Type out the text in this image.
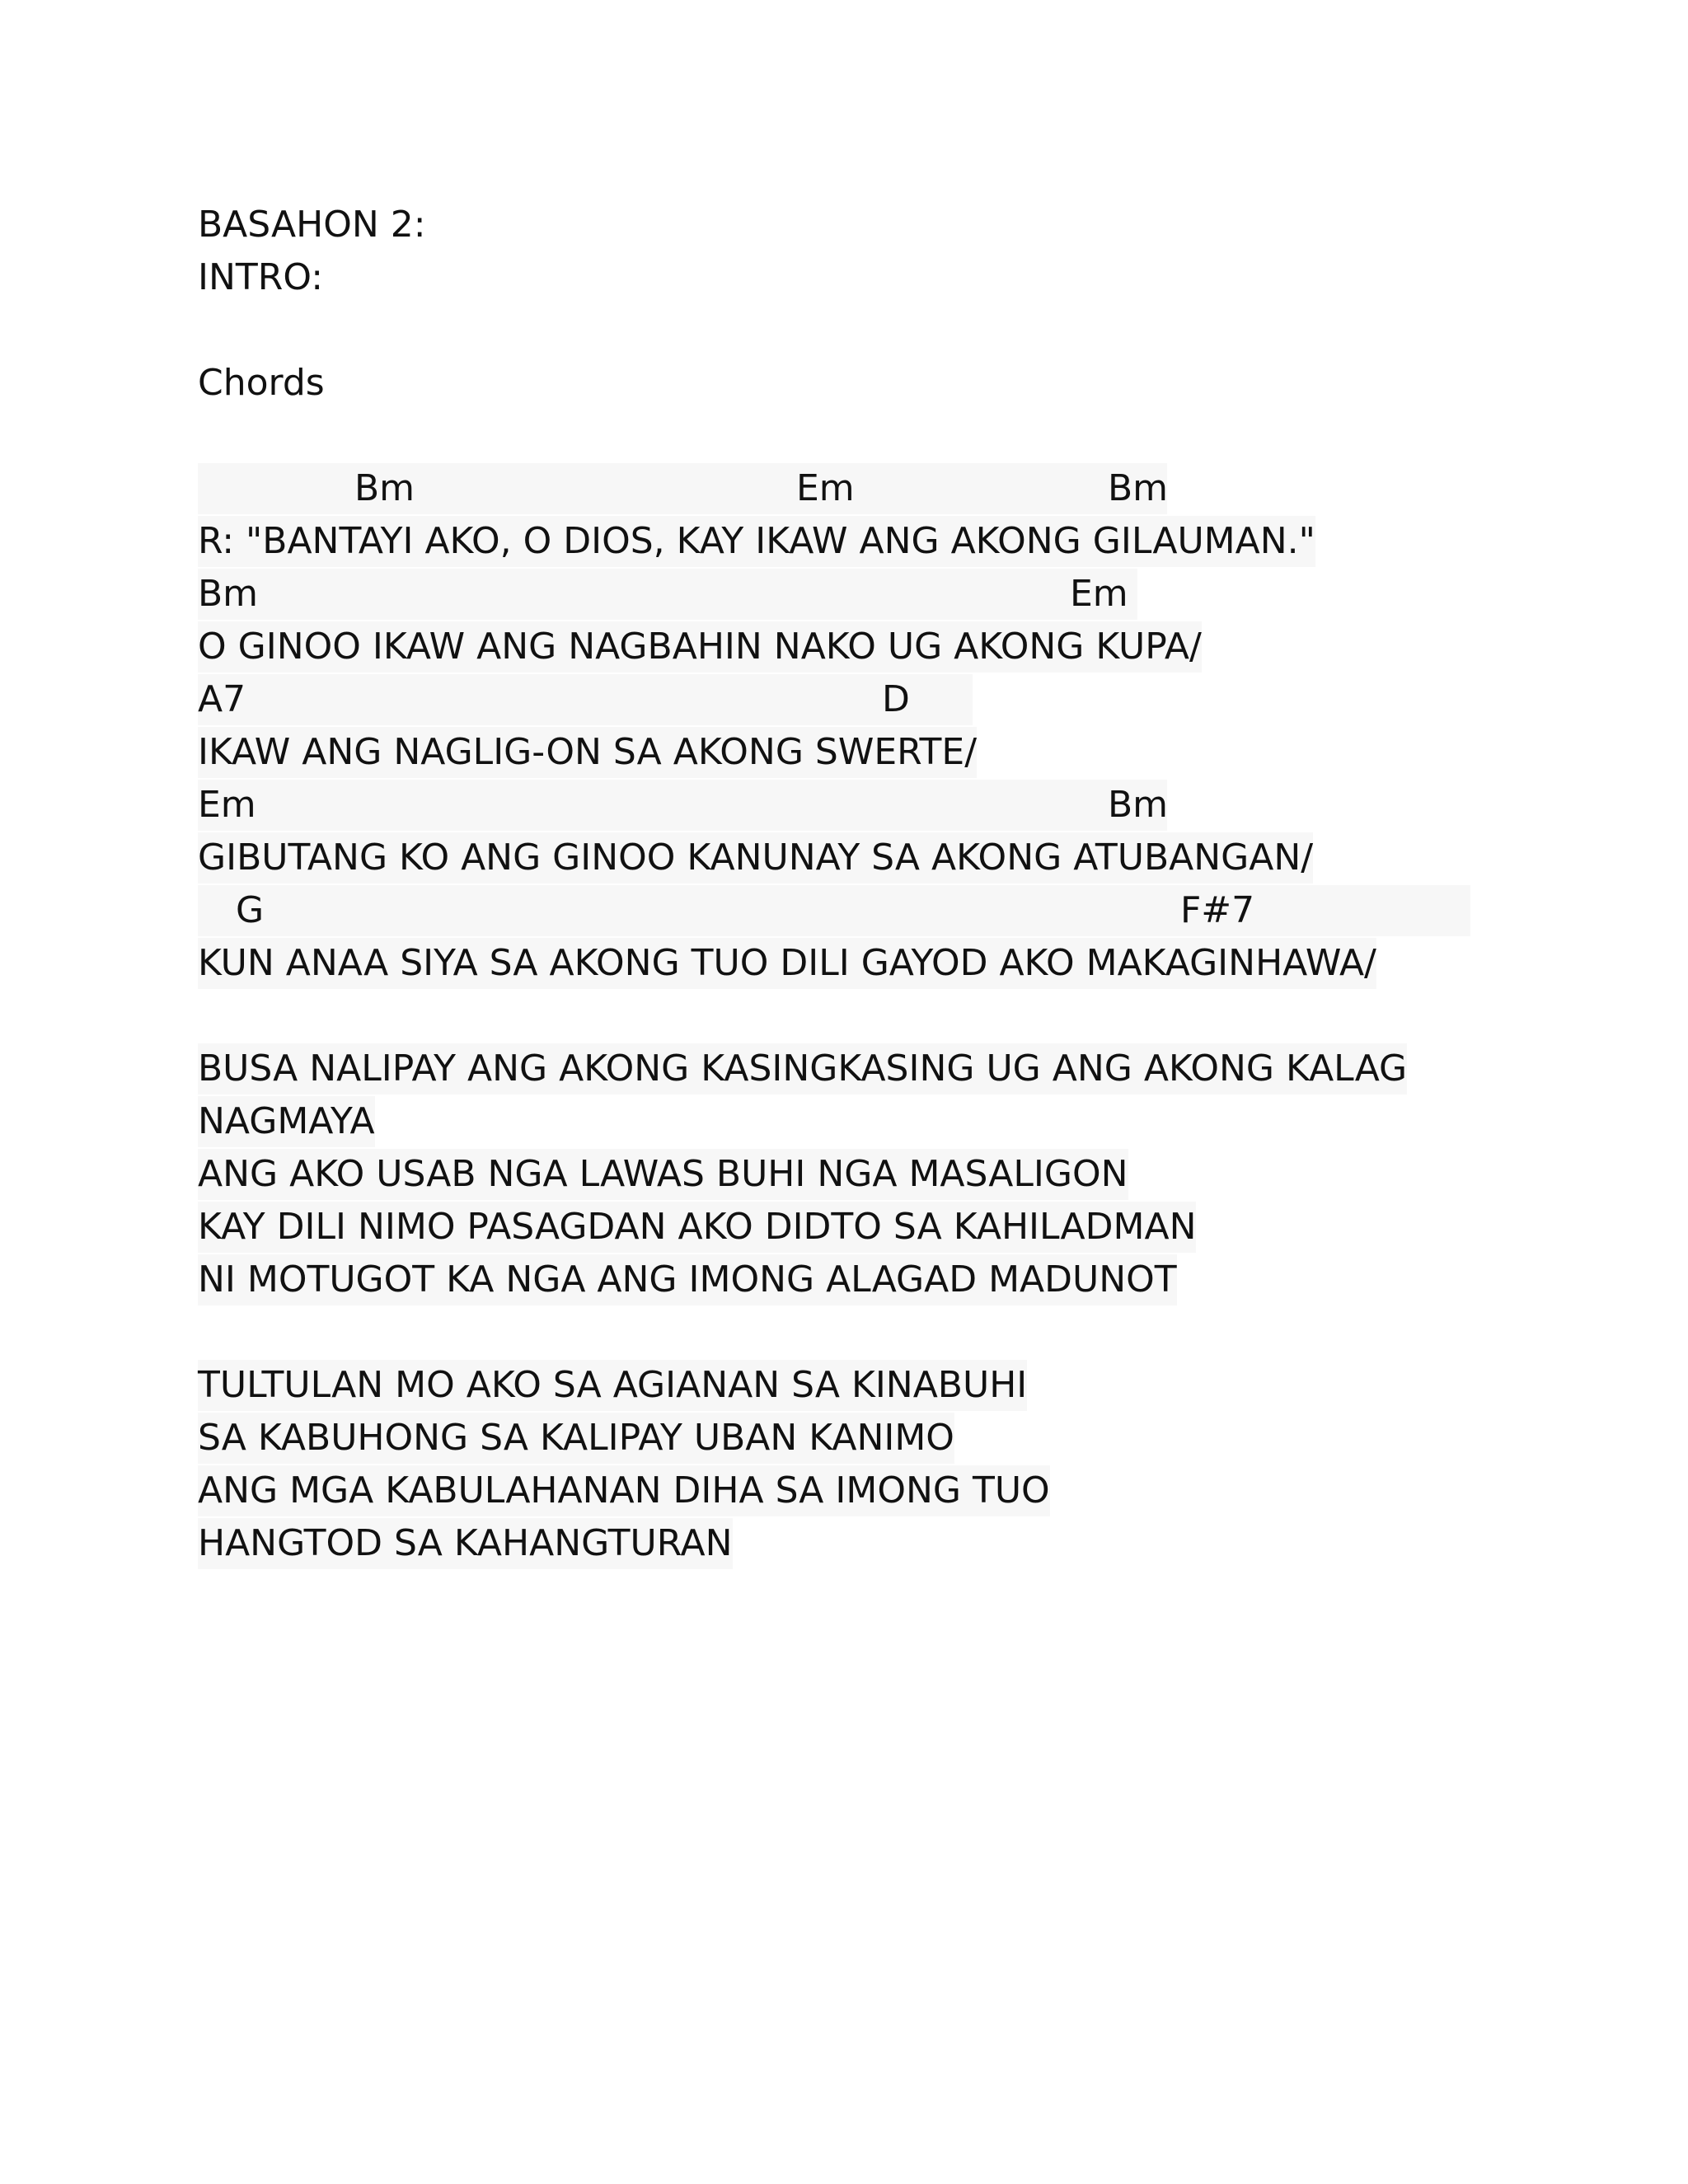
BASAHON 2:
INTRO:
Chords
Bm	Em	Bm
R: "BANTAYI AKO, O DIOS, KAY IKAW ANG AKONG GILAUMAN."
Bm	Em
O GINOO IKAW ANG NAGBAHIN NAKO UG AKONG KUPA/
A7	D
IKAW ANG NAGLIG-ON SA AKONG SWERTE/
Em	Bm
GIBUTANG KO ANG GINOO KANUNAY SA AKONG ATUBANGAN/
G	F#7
KUN ANAA SIYA SA AKONG TUO DILI GAYOD AKO MAKAGINHAWA/
BUSA NALIPAY ANG AKONG KASINGKASING UG ANG AKONG KALAG
NAGMAYA
ANG AKO USAB NGA LAWAS BUHI NGA MASALIGON
KAY DILI NIMO PASAGDAN AKO DIDTO SA KAHILADMAN
NI MOTUGOT KA NGA ANG IMONG ALAGAD MADUNOT
TULTULAN MO AKO SA AGIANAN SA KINABUHI
SA KABUHONG SA KALIPAY UBAN KANIMO
ANG MGA KABULAHANAN DIHA SA IMONG TUO
HANGTOD SA KAHANGTURAN
